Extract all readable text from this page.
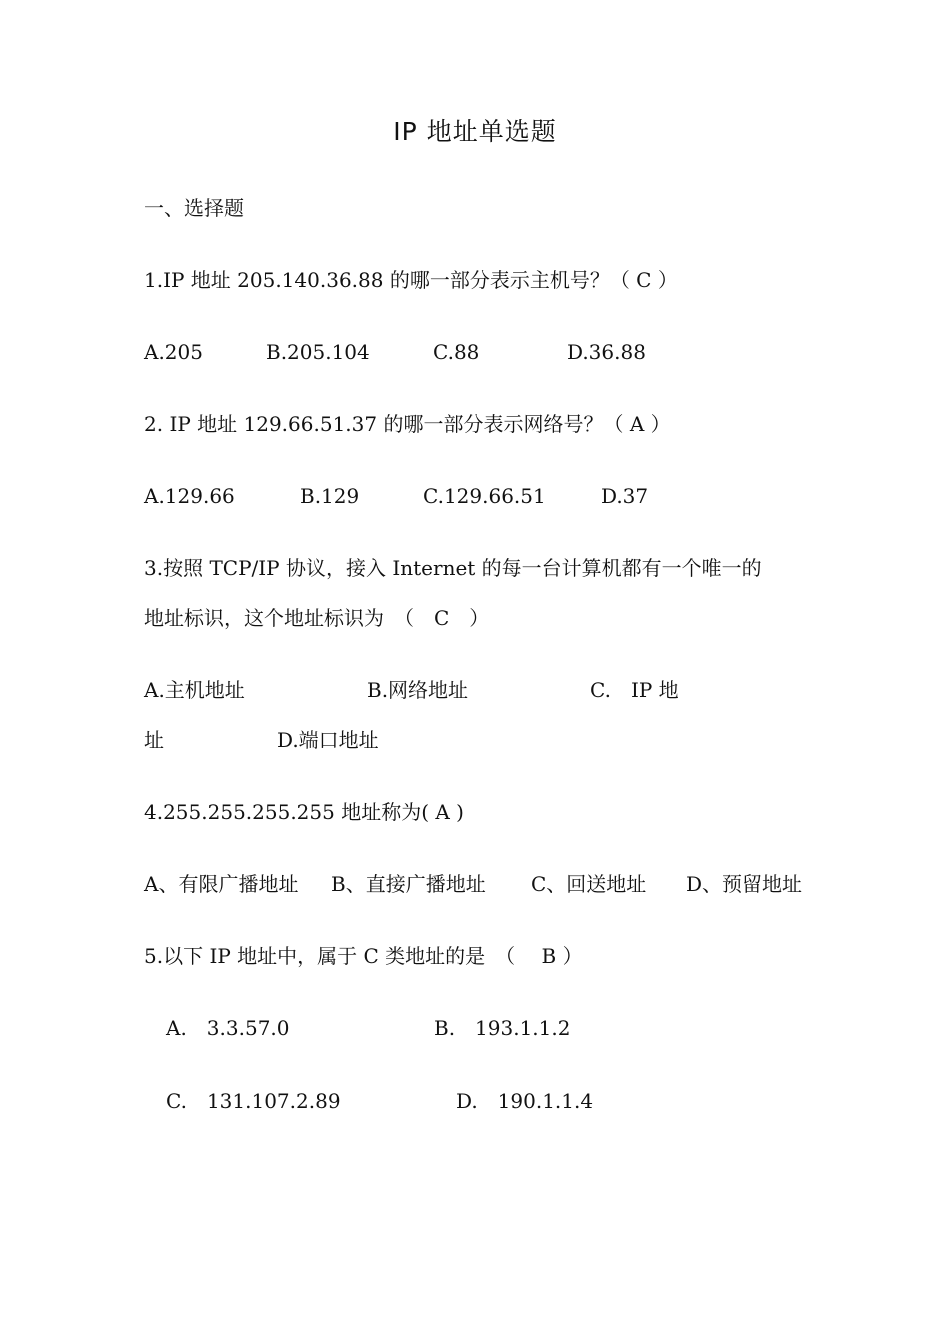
IP 地址单选题
一、选择题
1.IP 地址 205.140.36.88 的哪一部分表示主机号？（ C ）
A.205	B.205.104	C.88	D.36.88
2. IP 地址 129.66.51.37 的哪一部分表示网络号？（ A ）
A.129.66	B.129	C.129.66.51	D.37
3.按照 TCP/IP 协议，接入 Internet 的每一台计算机都有一个唯一的
地址标识，这个地址标识为　（　C　）
A.主机地址	B.网络地址	C.　IP 地
址	D.端口地址
4.255.255.255.255 地址称为( A )
A、有限广播地址 B、直接广播地址 C、回送地址 D、预留地址
5.以下 IP 地址中，属于 C 类地址的是　（　 B ）
A.　3.3.57.0	B.　193.1.1.2
C.　131.107.2.89	D.　190.1.1.4
